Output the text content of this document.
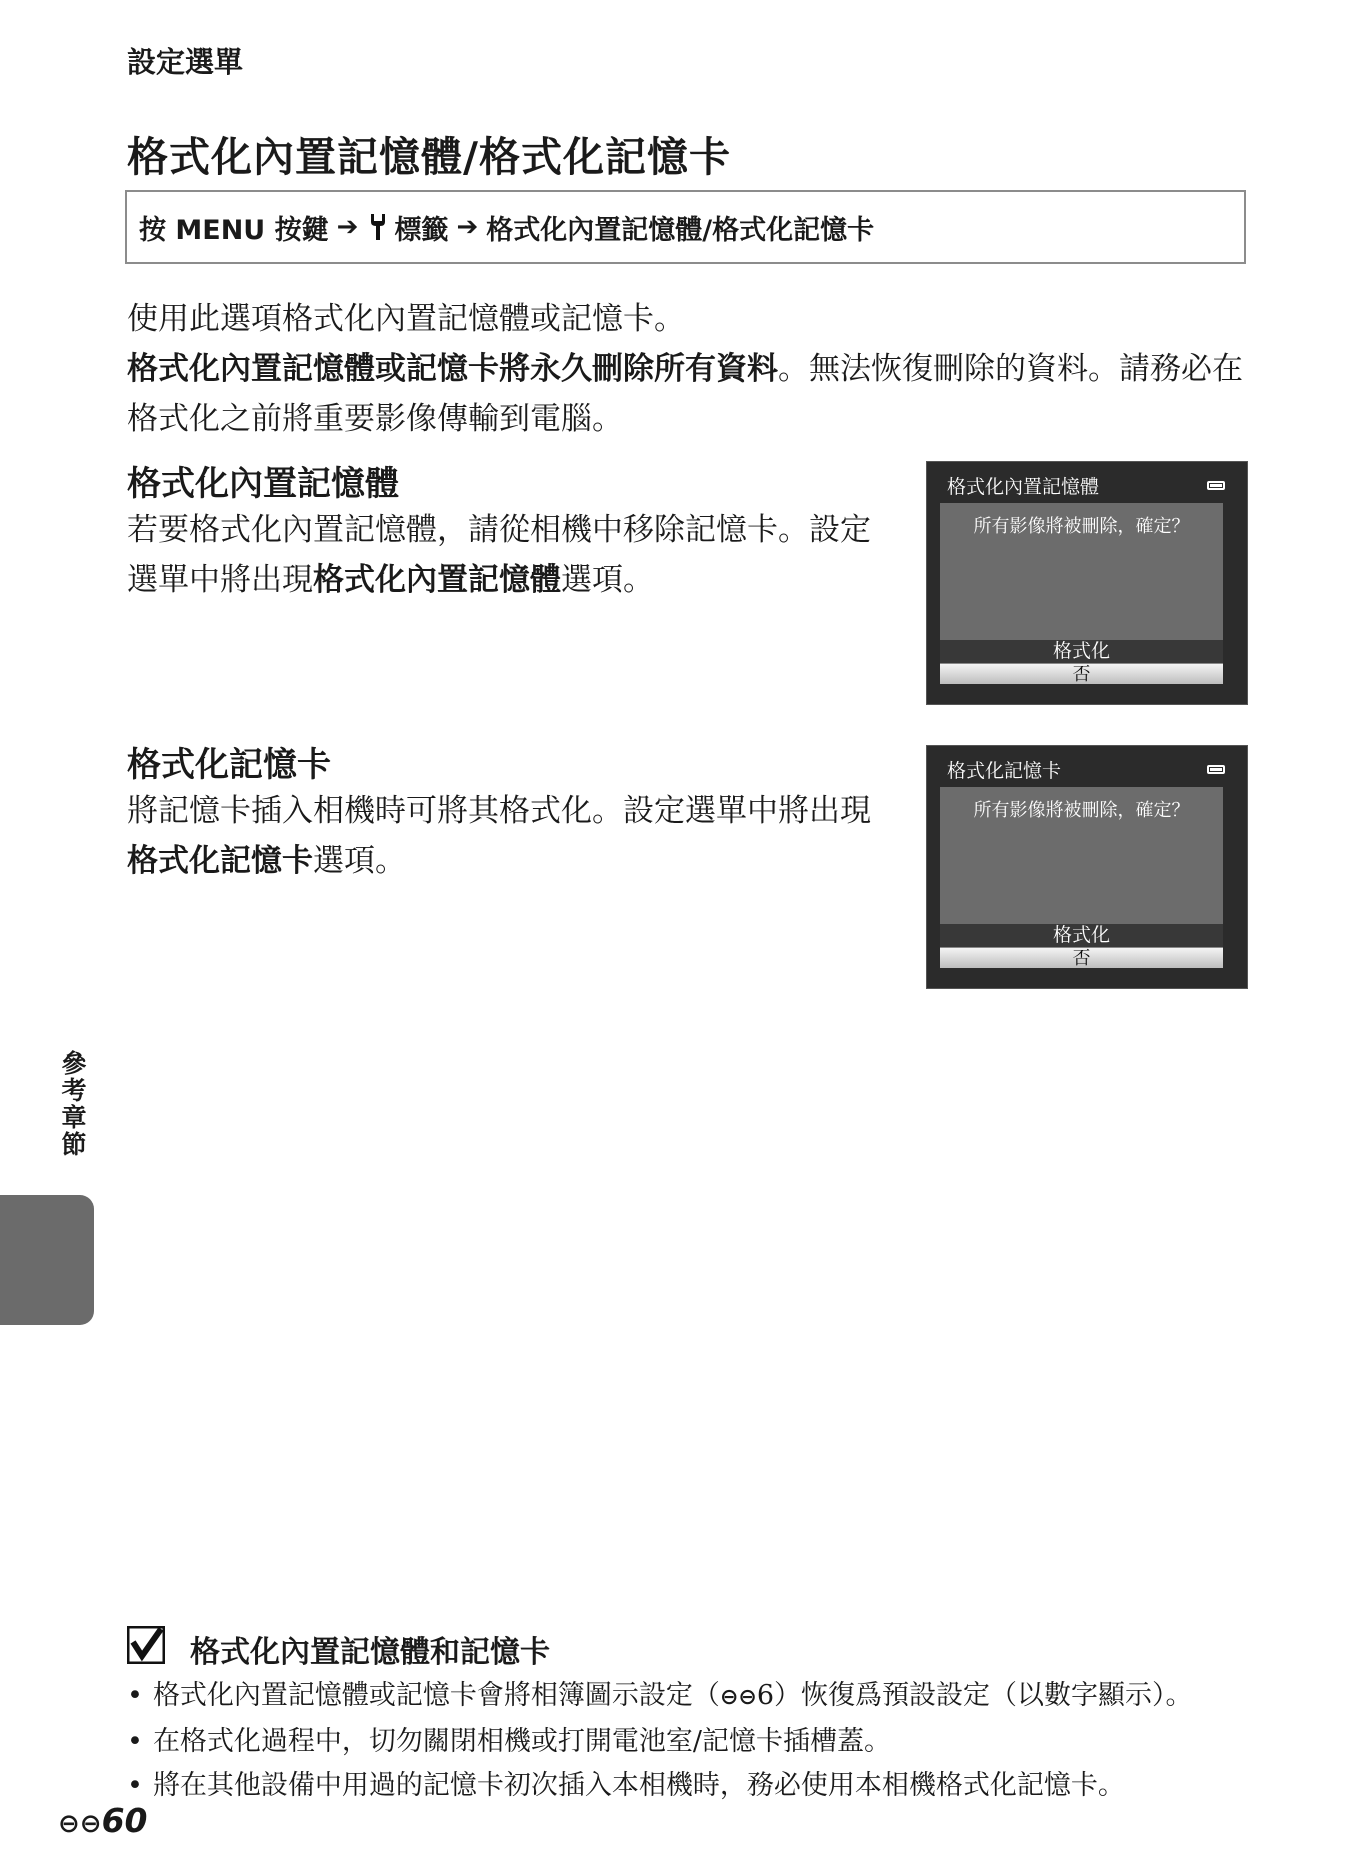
設定選單
格式化內置記憶體/格式化記憶卡
按 MENU 按鍵 ➔ 標籤 ➔ 格式化內置記憶體/格式化記憶卡
使用此選項格式化內置記憶體或記憶卡。
格式化內置記憶體或記憶卡將永久刪除所有資料。無法恢復刪除的資料。請務必在格式化之前將重要影像傳輸到電腦。
格式化內置記憶體
若要格式化內置記憶體，請從相機中移除記憶卡。設定選單中將出現格式化內置記憶體選項。
格式化內置記憶體
所有影像將被刪除，確定？
格式化
否
格式化記憶卡
將記憶卡插入相機時可將其格式化。設定選單中將出現格式化記憶卡選項。
格式化記憶卡
所有影像將被刪除，確定？
格式化
否
參考章節
格式化內置記憶體和記憶卡
• 格式化內置記憶體或記憶卡會將相簿圖示設定（⊖⊖6）恢復爲預設設定（以數字顯示）。
• 在格式化過程中，切勿關閉相機或打開電池室/記憶卡插槽蓋。
• 將在其他設備中用過的記憶卡初次插入本相機時，務必使用本相機格式化記憶卡。
⊖⊖60
